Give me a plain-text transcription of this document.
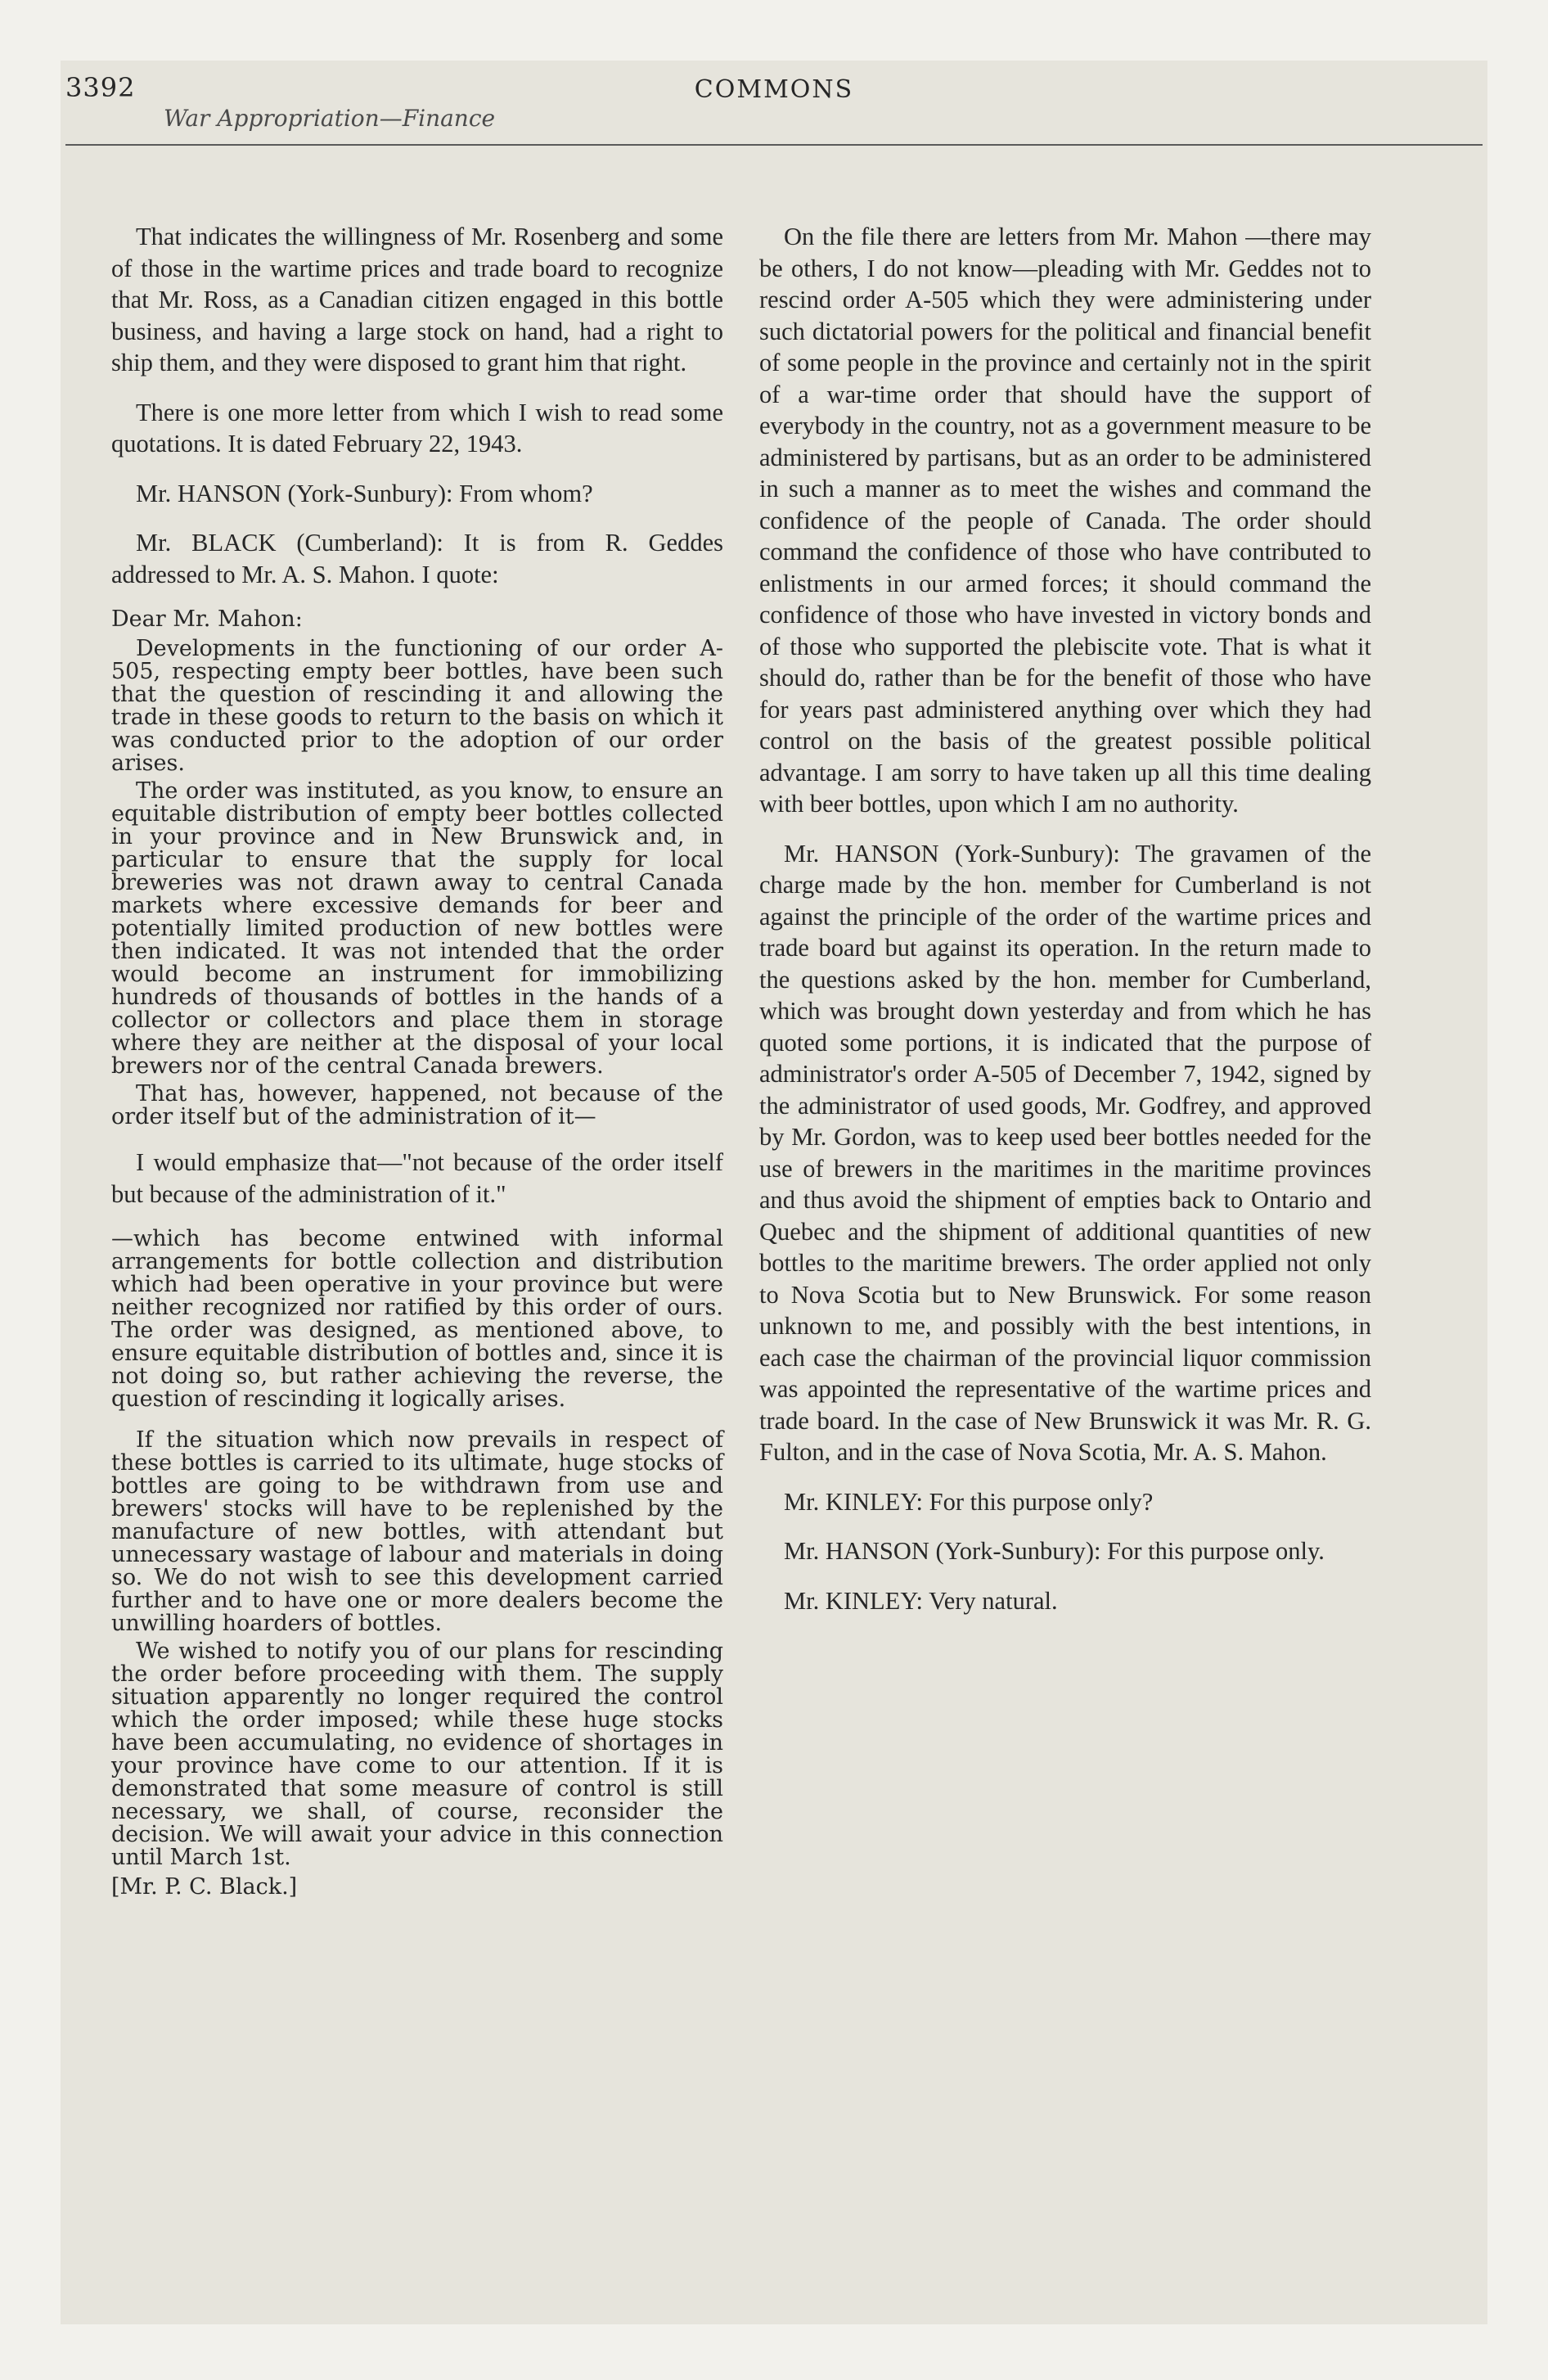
3392
War Appropriation—Finance
COMMONS

That indicates the willingness of Mr. Rosenberg and some of those in the wartime prices and trade board to recognize that Mr. Ross, as a Canadian citizen engaged in this bottle business, and having a large stock on hand, had a right to ship them, and they were disposed to grant him that right.

There is one more letter from which I wish to read some quotations. It is dated February 22, 1943.

Mr. HANSON (York-Sunbury): From whom?

Mr. BLACK (Cumberland): It is from R. Geddes addressed to Mr. A. S. Mahon. I quote:

Dear Mr. Mahon:

Developments in the functioning of our order A-505, respecting empty beer bottles, have been such that the question of rescinding it and allowing the trade in these goods to return to the basis on which it was conducted prior to the adoption of our order arises.

The order was instituted, as you know, to ensure an equitable distribution of empty beer bottles collected in your province and in New Brunswick and, in particular to ensure that the supply for local breweries was not drawn away to central Canada markets where excessive demands for beer and potentially limited production of new bottles were then indicated. It was not intended that the order would become an instrument for immobilizing hundreds of thousands of bottles in the hands of a collector or collectors and place them in storage where they are neither at the disposal of your local brewers nor of the central Canada brewers.

That has, however, happened, not because of the order itself but of the administration of it—

I would emphasize that—"not because of the order itself but because of the administration of it."

—which has become entwined with informal arrangements for bottle collection and distribution which had been operative in your province but were neither recognized nor ratified by this order of ours. The order was designed, as mentioned above, to ensure equitable distribution of bottles and, since it is not doing so, but rather achieving the reverse, the question of rescinding it logically arises.

If the situation which now prevails in respect of these bottles is carried to its ultimate, huge stocks of bottles are going to be withdrawn from use and brewers' stocks will have to be replenished by the manufacture of new bottles, with attendant but unnecessary wastage of labour and materials in doing so. We do not wish to see this development carried further and to have one or more dealers become the unwilling hoarders of bottles.

We wished to notify you of our plans for rescinding the order before proceeding with them. The supply situation apparently no longer required the control which the order imposed; while these huge stocks have been accumulating, no evidence of shortages in your province have come to our attention. If it is demonstrated that some measure of control is still necessary, we shall, of course, reconsider the decision. We will await your advice in this connection until March 1st.

[Mr. P. C. Black.]

On the file there are letters from Mr. Mahon —there may be others, I do not know—pleading with Mr. Geddes not to rescind order A-505 which they were administering under such dictatorial powers for the political and financial benefit of some people in the province and certainly not in the spirit of a war-time order that should have the support of everybody in the country, not as a government measure to be administered by partisans, but as an order to be administered in such a manner as to meet the wishes and command the confidence of the people of Canada. The order should command the confidence of those who have contributed to enlistments in our armed forces; it should command the confidence of those who have invested in victory bonds and of those who supported the plebiscite vote. That is what it should do, rather than be for the benefit of those who have for years past administered anything over which they had control on the basis of the greatest possible political advantage. I am sorry to have taken up all this time dealing with beer bottles, upon which I am no authority.

Mr. HANSON (York-Sunbury): The gravamen of the charge made by the hon. member for Cumberland is not against the principle of the order of the wartime prices and trade board but against its operation. In the return made to the questions asked by the hon. member for Cumberland, which was brought down yesterday and from which he has quoted some portions, it is indicated that the purpose of administrator's order A-505 of December 7, 1942, signed by the administrator of used goods, Mr. Godfrey, and approved by Mr. Gordon, was to keep used beer bottles needed for the use of brewers in the maritimes in the maritime provinces and thus avoid the shipment of empties back to Ontario and Quebec and the shipment of additional quantities of new bottles to the maritime brewers. The order applied not only to Nova Scotia but to New Brunswick. For some reason unknown to me, and possibly with the best intentions, in each case the chairman of the provincial liquor commission was appointed the representative of the wartime prices and trade board. In the case of New Brunswick it was Mr. R. G. Fulton, and in the case of Nova Scotia, Mr. A. S. Mahon.

Mr. KINLEY: For this purpose only?

Mr. HANSON (York-Sunbury): For this purpose only.

Mr. KINLEY: Very natural.
